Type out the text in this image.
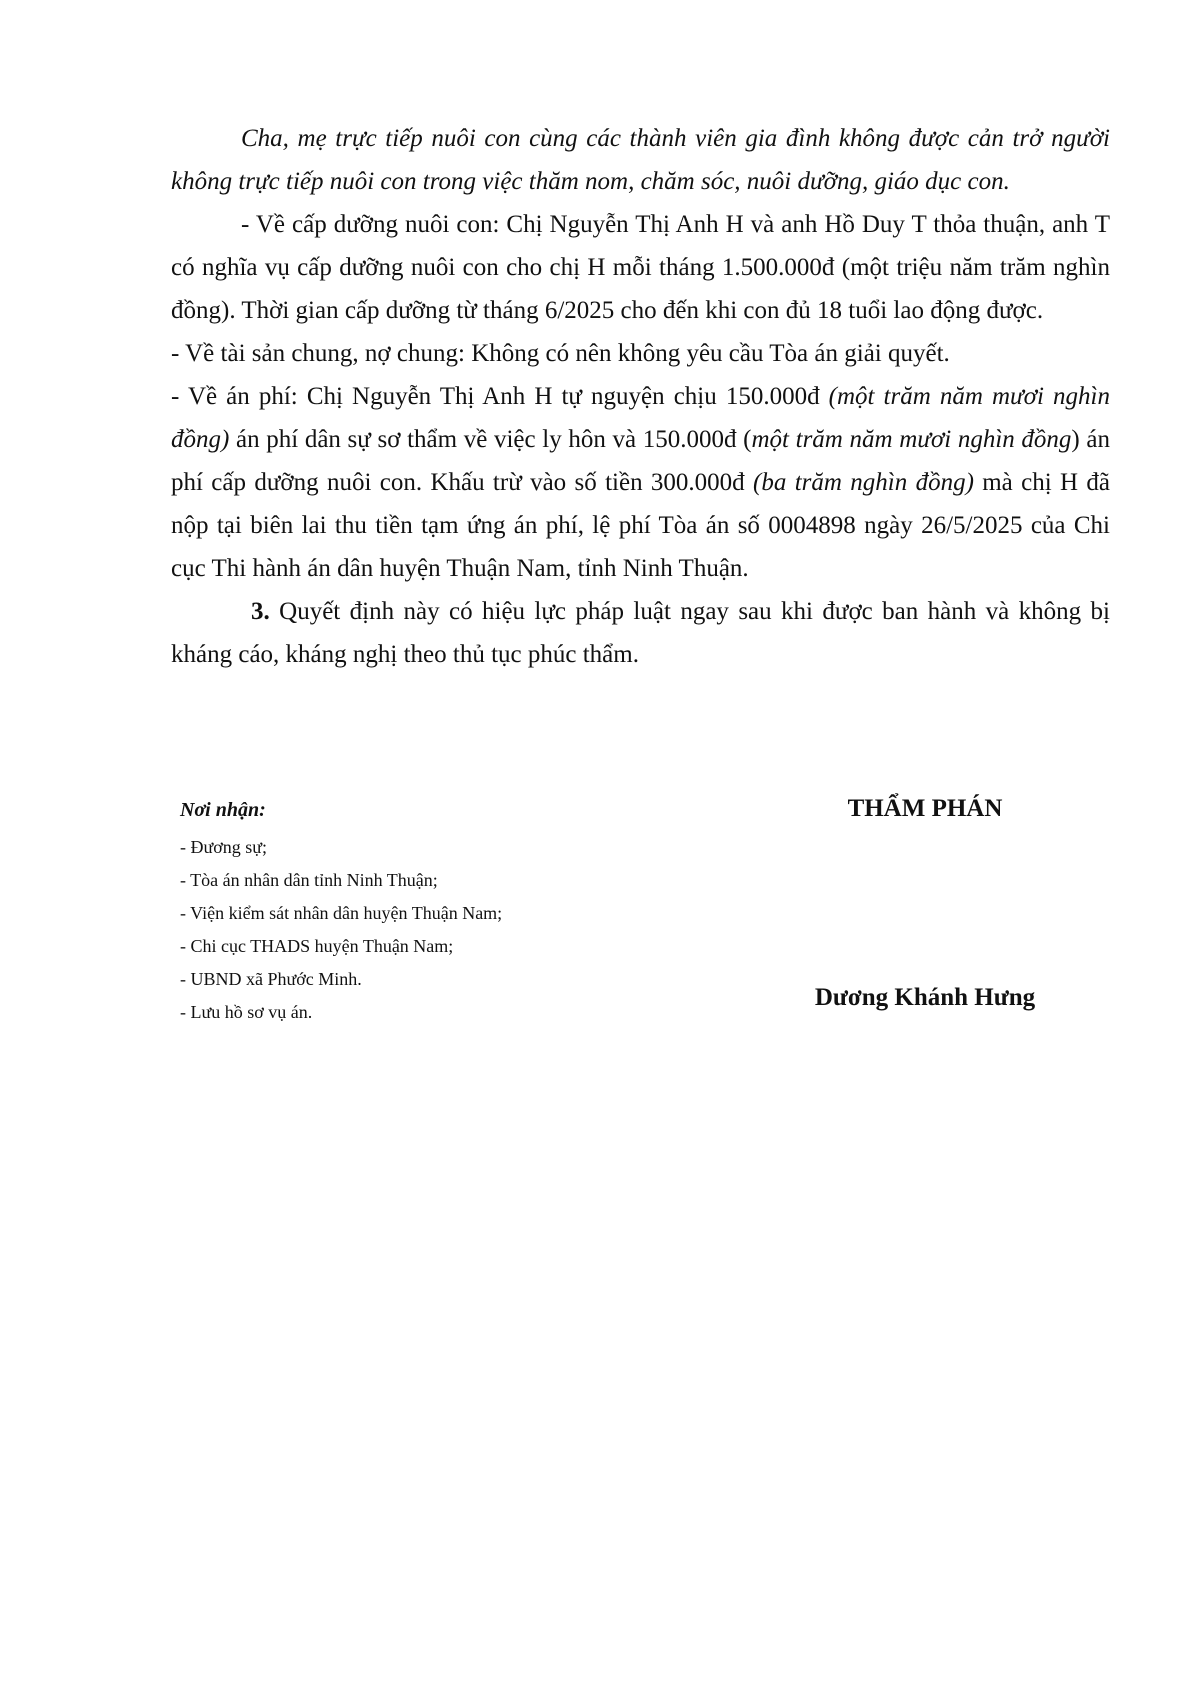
Cha, mẹ trực tiếp nuôi con cùng các thành viên gia đình không được cản trở người không trực tiếp nuôi con trong việc thăm nom, chăm sóc, nuôi dưỡng, giáo dục con.

- Về cấp dưỡng nuôi con: Chị Nguyễn Thị Anh H và anh Hồ Duy T thỏa thuận, anh T có nghĩa vụ cấp dưỡng nuôi con cho chị H mỗi tháng 1.500.000đ (một triệu năm trăm nghìn đồng). Thời gian cấp dưỡng từ tháng 6/2025 cho đến khi con đủ 18 tuổi lao động được.

- Về tài sản chung, nợ chung: Không có nên không yêu cầu Tòa án giải quyết.

- Về án phí: Chị Nguyễn Thị Anh H tự nguyện chịu 150.000đ (một trăm năm mươi nghìn đồng) án phí dân sự sơ thẩm về việc ly hôn và 150.000đ (một trăm năm mươi nghìn đồng) án phí cấp dưỡng nuôi con. Khấu trừ vào số tiền 300.000đ (ba trăm nghìn đồng) mà chị H đã nộp tại biên lai thu tiền tạm ứng án phí, lệ phí Tòa án số 0004898 ngày 26/5/2025 của Chi cục Thi hành án dân huyện Thuận Nam, tỉnh Ninh Thuận.

3. Quyết định này có hiệu lực pháp luật ngay sau khi được ban hành và không bị kháng cáo, kháng nghị theo thủ tục phúc thẩm.

Nơi nhận:
- Đương sự;
- Tòa án nhân dân tỉnh Ninh Thuận;
- Viện kiểm sát nhân dân huyện Thuận Nam;
- Chi cục THADS huyện Thuận Nam;
- UBND xã Phước Minh.
- Lưu hồ sơ vụ án.
THẨM PHÁN
Dương Khánh Hưng
